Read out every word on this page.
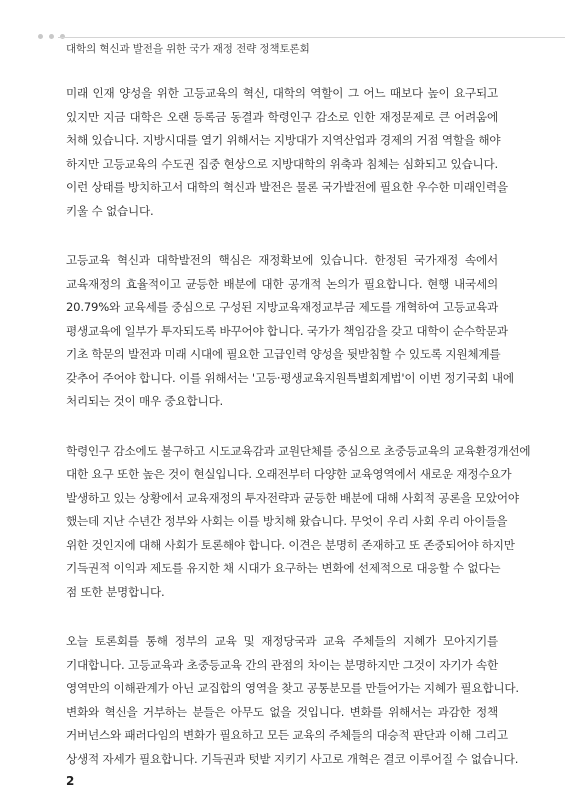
대학의 혁신과 발전을 위한 국가 재정 전략 정책토론회
미래 인재 양성을 위한 고등교육의 혁신, 대학의 역할이 그 어느 때보다 높이 요구되고
있지만 지금 대학은 오랜 등록금 동결과 학령인구 감소로 인한 재정문제로 큰 어려움에
처해 있습니다. 지방시대를 열기 위해서는 지방대가 지역산업과 경제의 거점 역할을 해야
하지만 고등교육의 수도권 집중 현상으로 지방대학의 위축과 침체는 심화되고 있습니다.
이런 상태를 방치하고서 대학의 혁신과 발전은 물론 국가발전에 필요한 우수한 미래인력을
키울 수 없습니다.
고등교육 혁신과 대학발전의 핵심은 재정확보에 있습니다. 한정된 국가재정 속에서
교육재정의 효율적이고 균등한 배분에 대한 공개적 논의가 필요합니다. 현행 내국세의
20.79%와 교육세를 중심으로 구성된 지방교육재정교부금 제도를 개혁하여 고등교육과
평생교육에 일부가 투자되도록 바꾸어야 합니다. 국가가 책임감을 갖고 대학이 순수학문과
기초 학문의 발전과 미래 시대에 필요한 고급인력 양성을 뒷받침할 수 있도록 지원체계를
갖추어 주어야 합니다. 이를 위해서는 '고등·평생교육지원특별회계법'이 이번 정기국회 내에
처리되는 것이 매우 중요합니다.
학령인구 감소에도 불구하고 시도교육감과 교원단체를 중심으로 초중등교육의 교육환경개선에
대한 요구 또한 높은 것이 현실입니다. 오래전부터 다양한 교육영역에서 새로운 재정수요가
발생하고 있는 상황에서 교육재정의 투자전략과 균등한 배분에 대해 사회적 공론을 모았어야
했는데 지난 수년간 정부와 사회는 이를 방치해 왔습니다. 무엇이 우리 사회 우리 아이들을
위한 것인지에 대해 사회가 토론해야 합니다. 이견은 분명히 존재하고 또 존중되어야 하지만
기득권적 이익과 제도를 유지한 채 시대가 요구하는 변화에 선제적으로 대응할 수 없다는
점 또한 분명합니다.
오늘 토론회를 통해 정부의 교육 및 재정당국과 교육 주체들의 지혜가 모아지기를
기대합니다. 고등교육과 초중등교육 간의 관점의 차이는 분명하지만 그것이 자기가 속한
영역만의 이해관계가 아닌 교집합의 영역을 찾고 공통분모를 만들어가는 지혜가 필요합니다.
변화와 혁신을 거부하는 분들은 아무도 없을 것입니다. 변화를 위해서는 과감한 정책
거버넌스와 패러다임의 변화가 필요하고 모든 교육의 주체들의 대승적 판단과 이해 그리고
상생적 자세가 필요합니다. 기득권과 텃밭 지키기 사고로 개혁은 결코 이루어질 수 없습니다.
2
